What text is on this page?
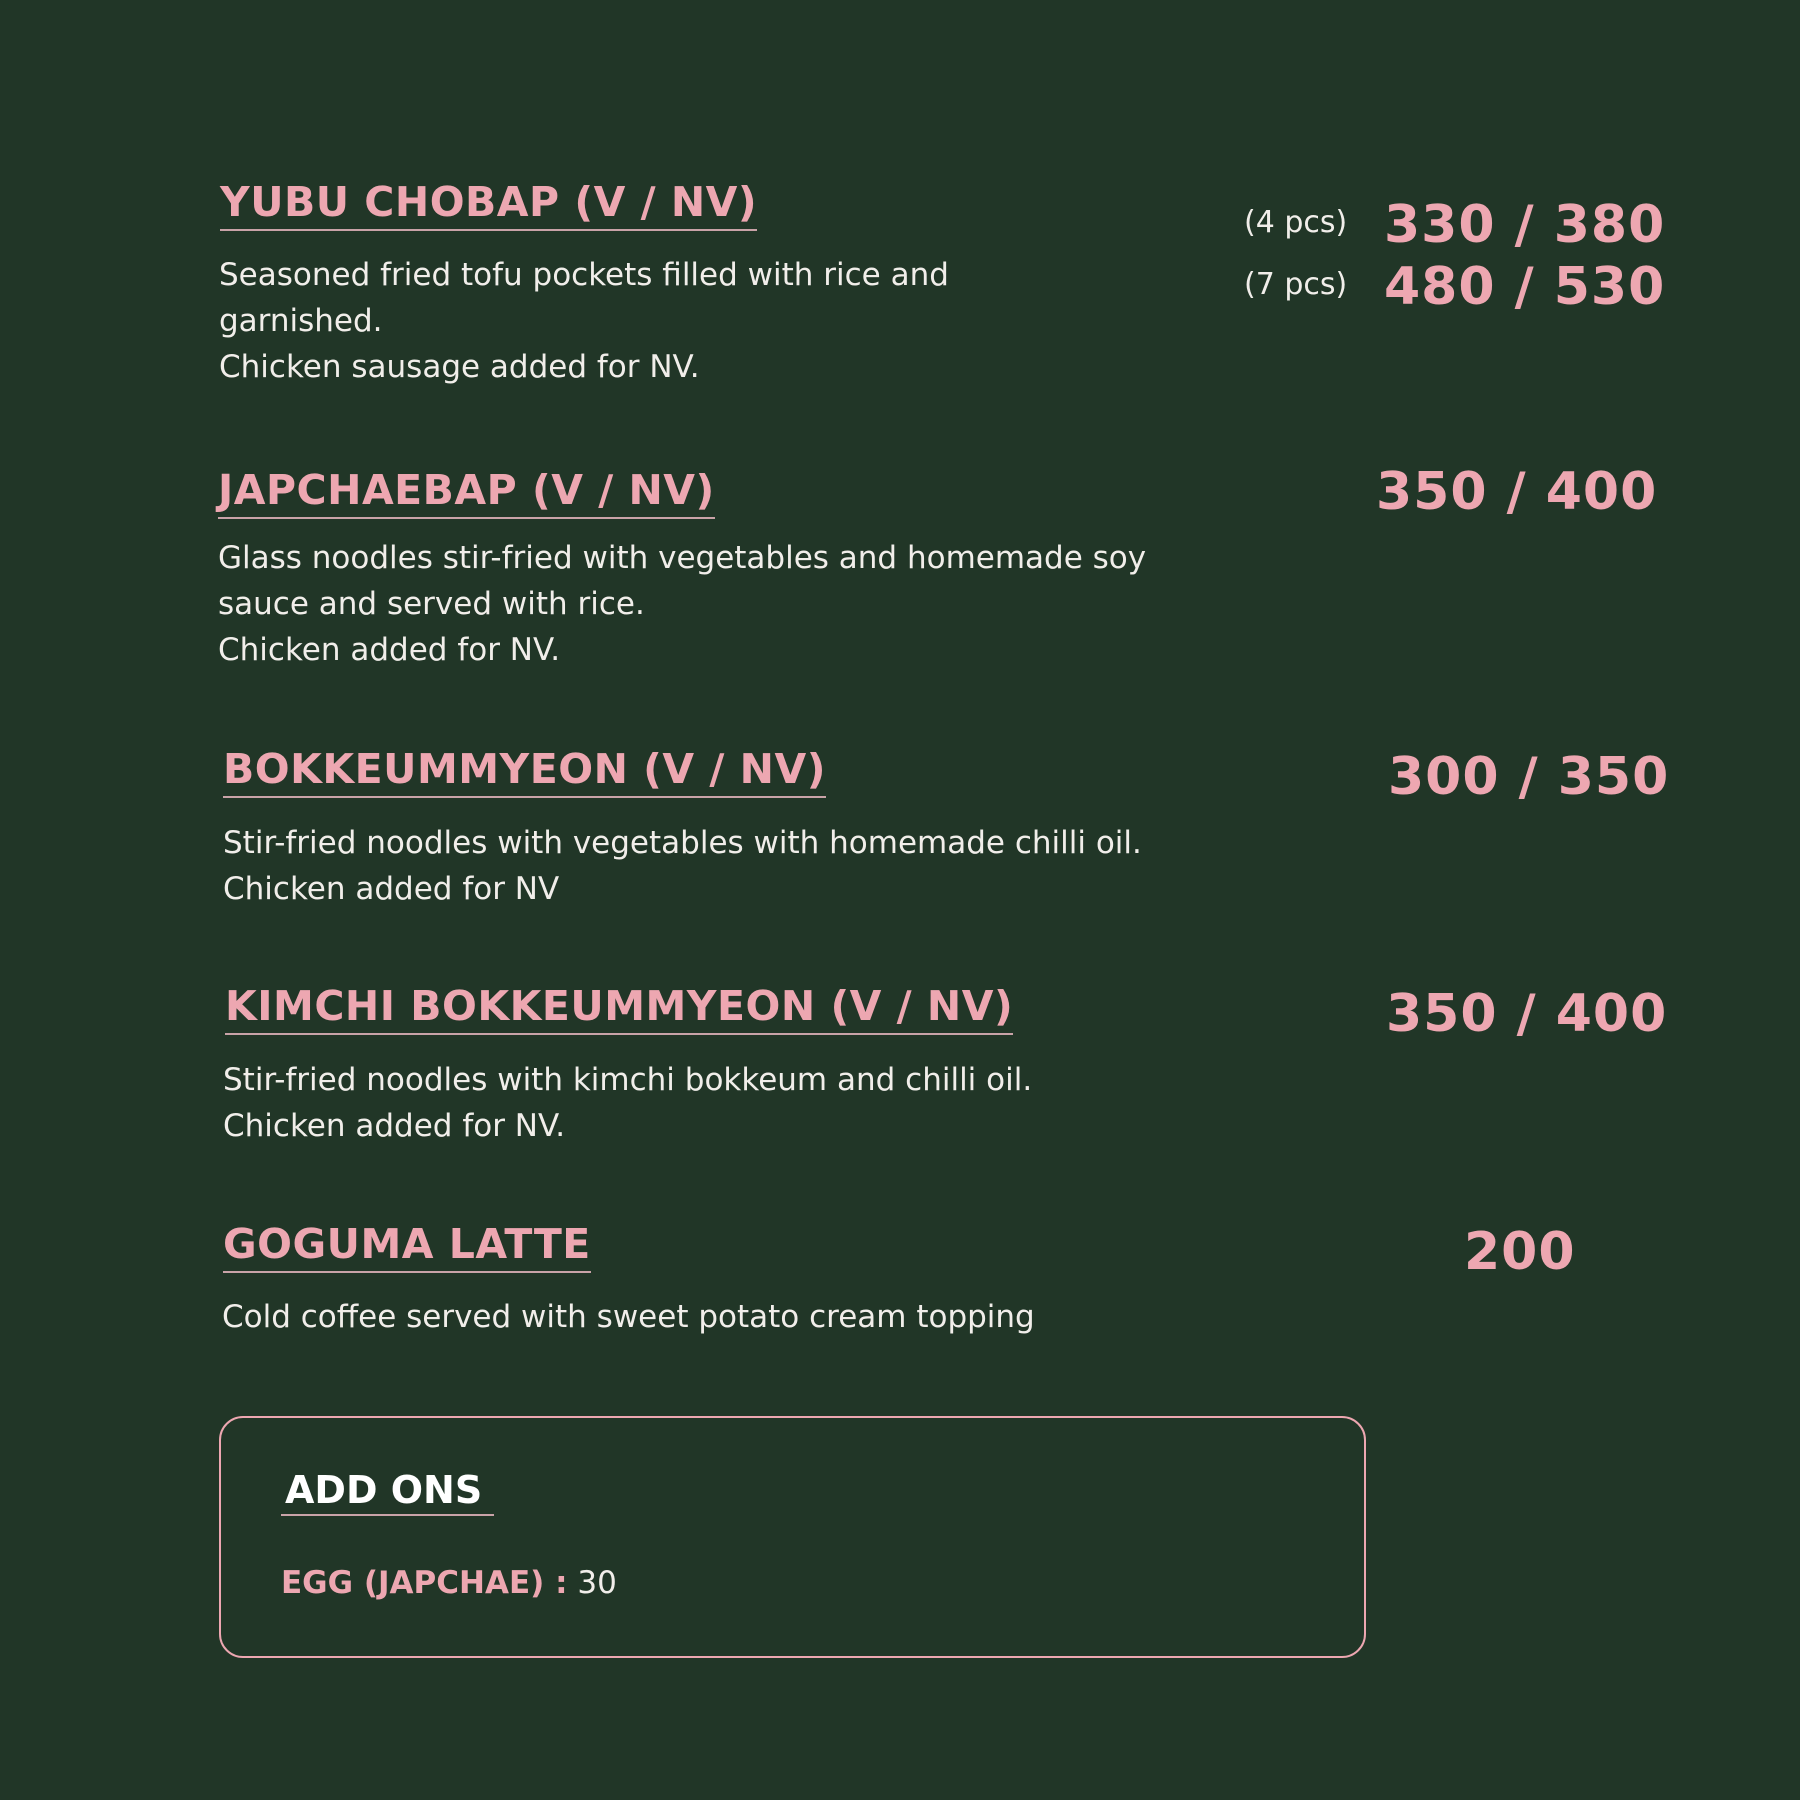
YUBU CHOBAP (V / NV)
Seasoned fried tofu pockets filled with rice and
garnished.
Chicken sausage added for NV.
(4 pcs) 330 / 380
(7 pcs) 480 / 530
JAPCHAEBAP (V / NV)
Glass noodles stir-fried with vegetables and homemade soy
sauce and served with rice.
Chicken added for NV.
350 / 400
BOKKEUMMYEON (V / NV)
Stir-fried noodles with vegetables with homemade chilli oil.
Chicken added for NV
300 / 350
KIMCHI BOKKEUMMYEON (V / NV)
Stir-fried noodles with kimchi bokkeum and chilli oil.
Chicken added for NV.
350 / 400
GOGUMA LATTE
Cold coffee served with sweet potato cream topping
200
ADD ONS
EGG (JAPCHAE) : 30
